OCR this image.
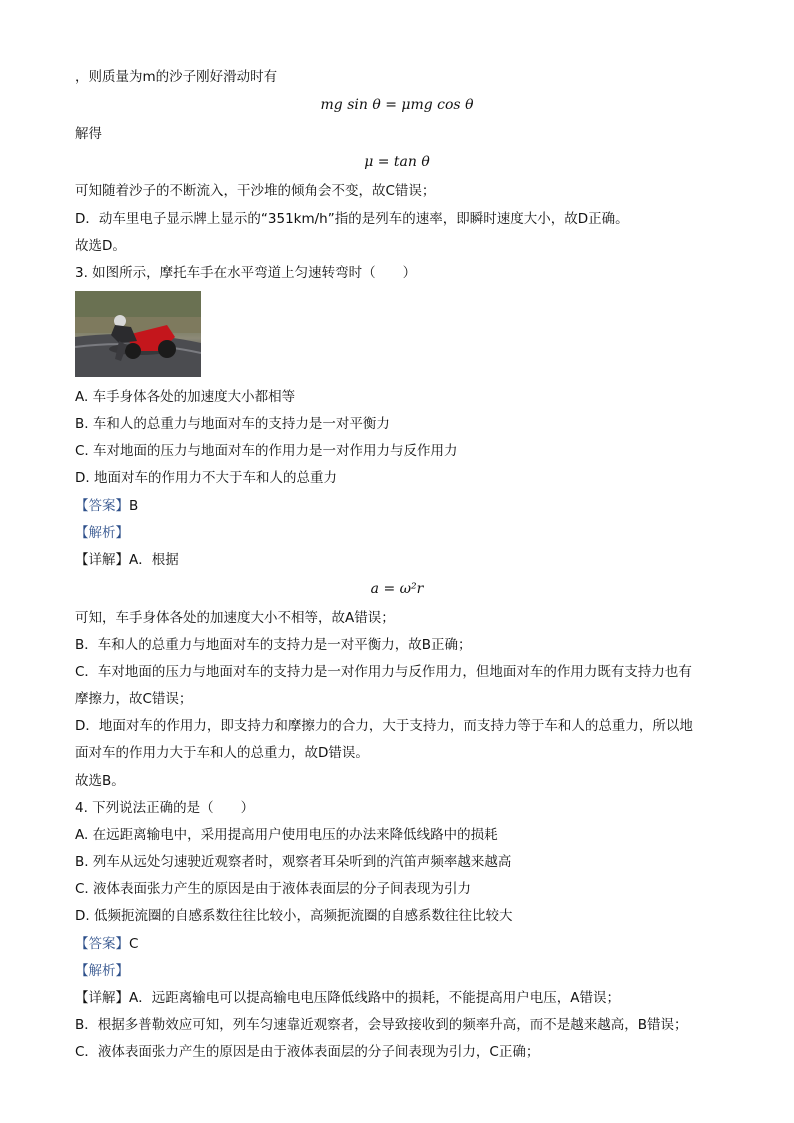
，则质量为m的沙子刚好滑动时有
mg sin θ = μmg cos θ
解得
μ = tan θ
可知随着沙子的不断流入，干沙堆的倾角会不变，故C错误；
D．动车里电子显示牌上显示的“351km/h”指的是列车的速率，即瞬时速度大小，故D正确。
故选D。
3. 如图所示，摩托车手在水平弯道上匀速转弯时（　　）
A. 车手身体各处的加速度大小都相等
B. 车和人的总重力与地面对车的支持力是一对平衡力
C. 车对地面的压力与地面对车的作用力是一对作用力与反作用力
D. 地面对车的作用力不大于车和人的总重力
【答案】B
【解析】
【详解】A．根据
a = ω²r
可知，车手身体各处的加速度大小不相等，故A错误；
B．车和人的总重力与地面对车的支持力是一对平衡力，故B正确；
C．车对地面的压力与地面对车的支持力是一对作用力与反作用力，但地面对车的作用力既有支持力也有
摩擦力，故C错误；
D．地面对车的作用力，即支持力和摩擦力的合力，大于支持力，而支持力等于车和人的总重力，所以地
面对车的作用力大于车和人的总重力，故D错误。
故选B。
4. 下列说法正确的是（　　）
A. 在远距离输电中，采用提高用户使用电压的办法来降低线路中的损耗
B. 列车从远处匀速驶近观察者时，观察者耳朵听到的汽笛声频率越来越高
C. 液体表面张力产生的原因是由于液体表面层的分子间表现为引力
D. 低频扼流圈的自感系数往往比较小，高频扼流圈的自感系数往往比较大
【答案】C
【解析】
【详解】A．远距离输电可以提高输电电压降低线路中的损耗，不能提高用户电压，A错误；
B．根据多普勒效应可知，列车匀速靠近观察者，会导致接收到的频率升高，而不是越来越高，B错误；
C．液体表面张力产生的原因是由于液体表面层的分子间表现为引力，C正确；
